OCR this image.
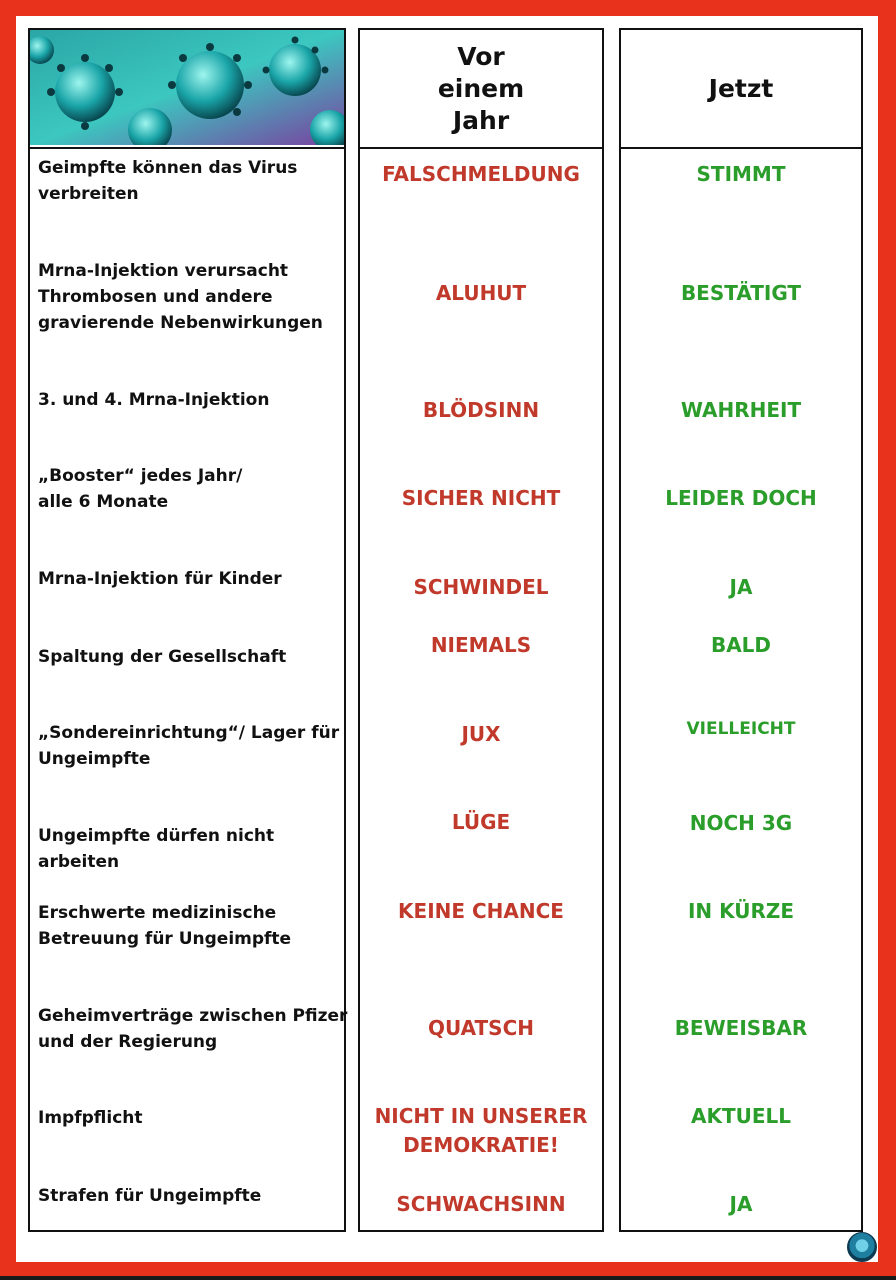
Vor
einem
Jahr
Jetzt
Geimpfte können das Virus
verbreiten
Mrna-Injektion verursacht
Thrombosen und andere
gravierende Nebenwirkungen
3. und 4. Mrna-Injektion
„Booster“ jedes Jahr/
alle 6 Monate
Mrna-Injektion für Kinder
Spaltung der Gesellschaft
„Sondereinrichtung“/ Lager für
Ungeimpfte
Ungeimpfte dürfen nicht arbeiten
Erschwerte medizinische
Betreuung für Ungeimpfte
Geheimverträge zwischen Pfizer
und der Regierung
Impfpflicht
Strafen für Ungeimpfte
FALSCHMELDUNG
ALUHUT
BLÖDSINN
SICHER NICHT
SCHWINDEL
NIEMALS
JUX
LÜGE
KEINE CHANCE
QUATSCH
NICHT IN UNSERER
DEMOKRATIE!
SCHWACHSINN
STIMMT
BESTÄTIGT
WAHRHEIT
LEIDER DOCH
JA
BALD
VIELLEICHT
NOCH 3G
IN KÜRZE
BEWEISBAR
AKTUELL
JA
